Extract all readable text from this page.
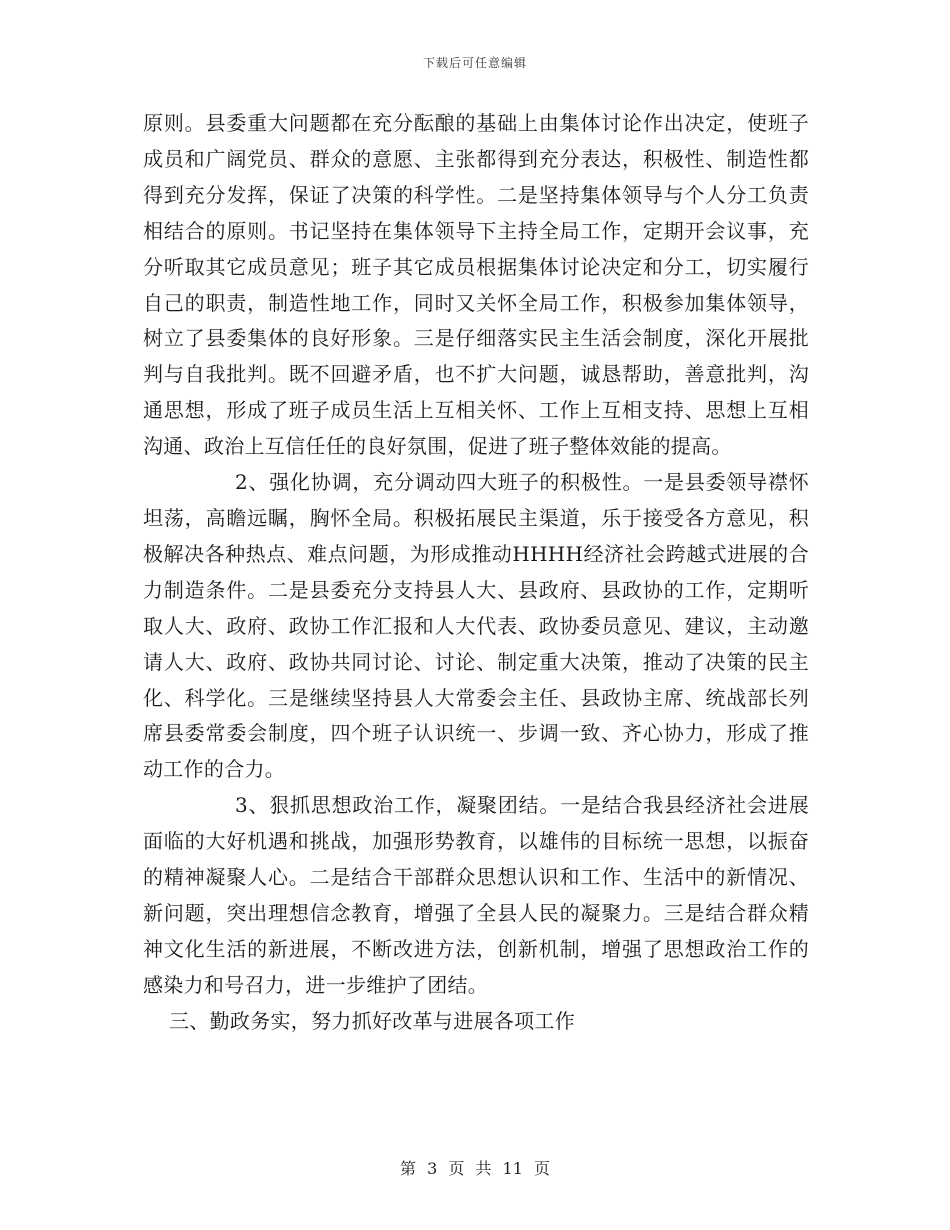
下载后可任意编辑

原则。县委重大问题都在充分酝酿的基础上由集体讨论作出决定，使班子成员和广阔党员、群众的意愿、主张都得到充分表达，积极性、制造性都得到充分发挥，保证了决策的科学性。二是坚持集体领导与个人分工负责相结合的原则。书记坚持在集体领导下主持全局工作，定期开会议事，充分听取其它成员意见；班子其它成员根据集体讨论决定和分工，切实履行自己的职责，制造性地工作，同时又关怀全局工作，积极参加集体领导，树立了县委集体的良好形象。三是仔细落实民主生活会制度，深化开展批判与自我批判。既不回避矛盾，也不扩大问题，诚恳帮助，善意批判，沟通思想，形成了班子成员生活上互相关怀、工作上互相支持、思想上互相沟通、政治上互信任任的良好氛围，促进了班子整体效能的提高。

2、强化协调，充分调动四大班子的积极性。一是县委领导襟怀坦荡，高瞻远瞩，胸怀全局。积极拓展民主渠道，乐于接受各方意见，积极解决各种热点、难点问题，为形成推动HHHH经济社会跨越式进展的合力制造条件。二是县委充分支持县人大、县政府、县政协的工作，定期听取人大、政府、政协工作汇报和人大代表、政协委员意见、建议，主动邀请人大、政府、政协共同讨论、讨论、制定重大决策，推动了决策的民主化、科学化。三是继续坚持县人大常委会主任、县政协主席、统战部长列席县委常委会制度，四个班子认识统一、步调一致、齐心协力，形成了推动工作的合力。

3、狠抓思想政治工作，凝聚团结。一是结合我县经济社会进展面临的大好机遇和挑战，加强形势教育，以雄伟的目标统一思想，以振奋的精神凝聚人心。二是结合干部群众思想认识和工作、生活中的新情况、新问题，突出理想信念教育，增强了全县人民的凝聚力。三是结合群众精神文化生活的新进展，不断改进方法，创新机制，增强了思想政治工作的感染力和号召力，进一步维护了团结。

三、勤政务实，努力抓好改革与进展各项工作

第 3 页 共 11 页
